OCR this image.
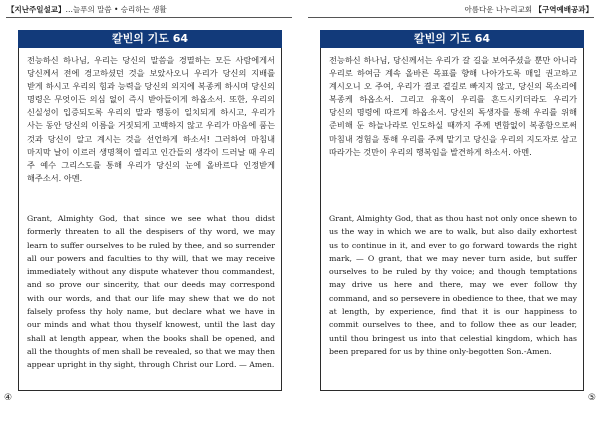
【지난주일설교】…늘푸의 말씀 • 승리하는 생활
칼빈의 기도 64
전능하신 하나님, 우리는 당신의 말씀을 경멸하는 모든 사람에게서 당신께서 전에 경고하셨던 것을 보았사오니 우리가 당신의 지배를 받게 하시고 우리의 힘과 능력을 당신의 의지에 복종케 하시며 당신의 명령은 무엇이든 의심 없이 즉시 받아들이게 하옵소서. 또한, 우리의 신실성이 입증되도록 우리의 말과 행동이 일치되게 하시고, 우리가 사는 동안 당신의 이름을 거짓되게 고백하지 않고 우리가 마음에 품는 것과 당신이 알고 계시는 것을 선언하게 하소서! 그러하여 마침내 마지막 날이 이르러 생명책이 열리고 인간들의 생각이 드러날 때 우리 주 예수 그리스도를 통해 우리가 당신의 눈에 올바르다 인정받게 해주소서. 아멘.
Grant, Almighty God, that since we see what thou didst formerly threaten to all the despisers of thy word, we may learn to suffer ourselves to be ruled by thee, and so surrender all our powers and faculties to thy will, that we may receive immediately without any dispute whatever thou commandest, and so prove our sincerity, that our deeds may correspond with our words, and that our life may shew that we do not falsely profess thy holy name, but declare what we have in our minds and what thou thyself knowest, until the last day shall at length appear, when the books shall be opened, and all the thoughts of men shall be revealed, so that we may then appear upright in thy sight, through Christ our Lord. — Amen.
④
아름다운 나누리교회 【구역예배공과】
칼빈의 기도 64
전능하신 하나님, 당신께서는 우리가 갈 길을 보여주셨을 뿐만 아니라 우리로 하여금 계속 올바른 목표를 향해 나아가도록 매일 권고하고 계시오니 오 주여, 우리가 결코 곁길로 빠지지 않고, 당신의 목소리에 복종케 하옵소서. 그리고 유혹이 우리를 흔드시키더라도 우리가 당신의 명령에 따르게 하옵소서. 당신의 독생자를 통해 우리를 위해 준비해 둔 하늘나라로 인도하실 때까지 주께 변함없이 복종함으로써 마침내 경험을 통해 우리를 주께 맡기고 당신을 우리의 지도자로 삼고 따라가는 것만이 우리의 행복임을 발견하게 하소서. 아멘.
Grant, Almighty God, that as thou hast not only once shewn to us the way in which we are to walk, but also daily exhortest us to continue in it, and ever to go forward towards the right mark, — O grant, that we may never turn aside, but suffer ourselves to be ruled by thy voice; and though temptations may drive us here and there, may we ever follow thy command, and so persevere in obedience to thee, that we may at length, by experience, find that it is our happiness to commit ourselves to thee, and to follow thee as our leader, until thou bringest us into that celestial kingdom, which has been prepared for us by thine only-begotten Son.-Amen.
⑤
